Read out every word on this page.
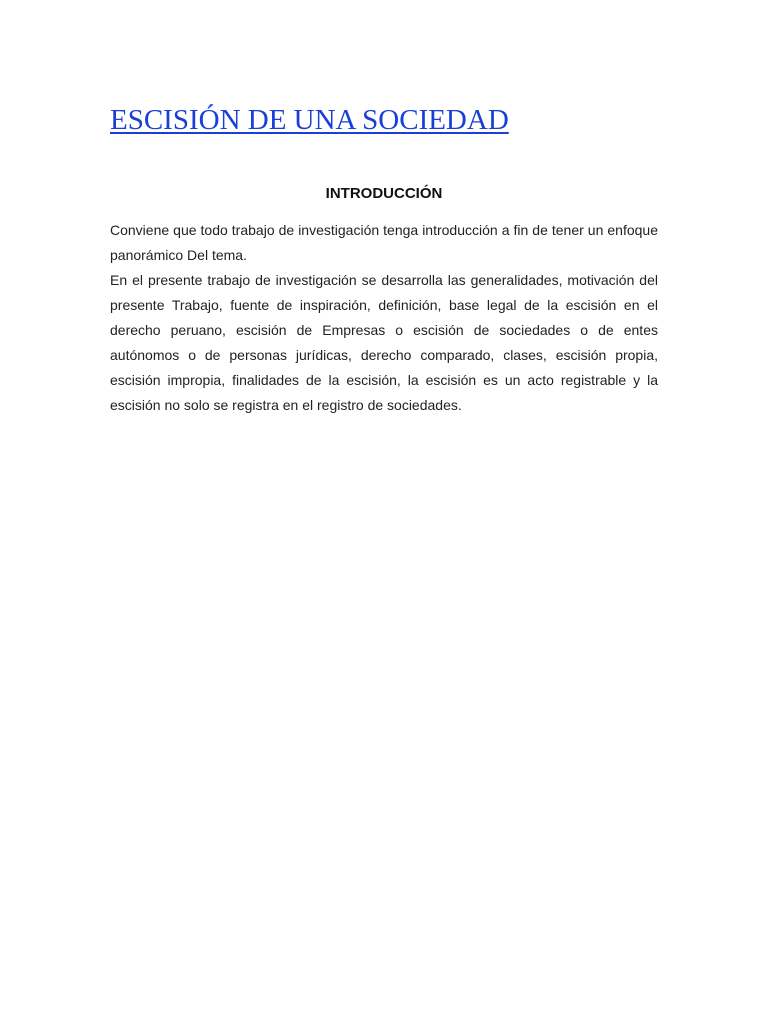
ESCISIÓN DE UNA SOCIEDAD
INTRODUCCIÓN

Conviene que todo trabajo de investigación tenga introducción a fin de tener un enfoque panorámico Del tema.

En el presente trabajo de investigación se desarrolla las generalidades, motivación del presente Trabajo, fuente de inspiración, definición, base legal de la escisión en el derecho peruano, escisión de Empresas o escisión de sociedades o de entes autónomos o de personas jurídicas, derecho comparado, clases, escisión propia, escisión impropia, finalidades de la escisión, la escisión es un acto registrable y la escisión no solo se registra en el registro de sociedades.
